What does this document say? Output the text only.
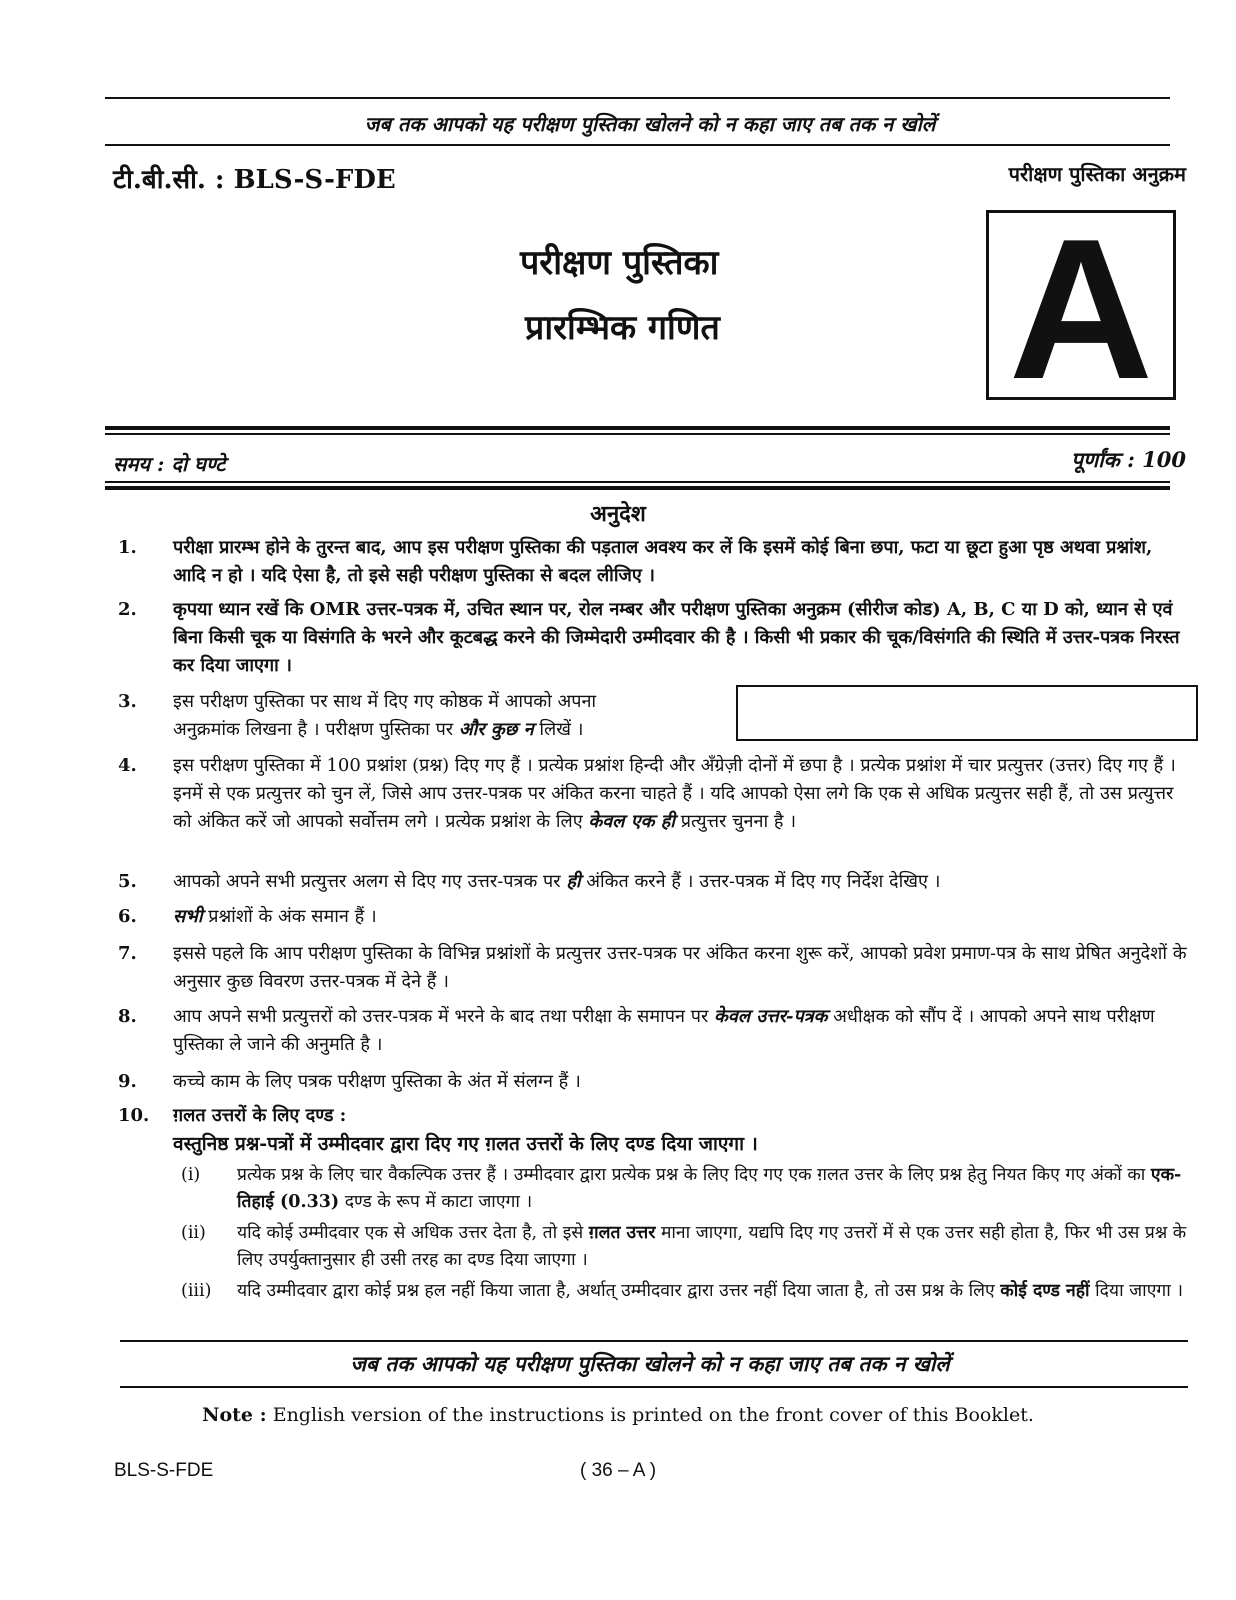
जब तक आपको यह परीक्षण पुस्तिका खोलने को न कहा जाए तब तक न खोलें
टी.बी.सी. : BLS-S-FDE	परीक्षण पुस्तिका अनुक्रम
परीक्षण पुस्तिका
प्रारम्भिक गणित A
समय : दो घण्टे	पूर्णांक : 100
अनुदेश
1. परीक्षा प्रारम्भ होने के तुरन्त बाद, आप इस परीक्षण पुस्तिका की पड़ताल अवश्य कर लें कि इसमें कोई बिना छपा, फटा या छूटा हुआ पृष्ठ अथवा प्रश्नांश, आदि न हो । यदि ऐसा है, तो इसे सही परीक्षण पुस्तिका से बदल लीजिए ।
2. कृपया ध्यान रखें कि OMR उत्तर-पत्रक में, उचित स्थान पर, रोल नम्बर और परीक्षण पुस्तिका अनुक्रम (सीरीज कोड) A, B, C या D को, ध्यान से एवं बिना किसी चूक या विसंगति के भरने और कूटबद्ध करने की जिम्मेदारी उम्मीदवार की है । किसी भी प्रकार की चूक/विसंगति की स्थिति में उत्तर-पत्रक निरस्त कर दिया जाएगा ।
3. इस परीक्षण पुस्तिका पर साथ में दिए गए कोष्ठक में आपको अपना
अनुक्रमांक लिखना है । परीक्षण पुस्तिका पर और कुछ न लिखें ।
4. इस परीक्षण पुस्तिका में 100 प्रश्नांश (प्रश्न) दिए गए हैं । प्रत्येक प्रश्नांश हिन्दी और अँग्रेज़ी दोनों में छपा है । प्रत्येक प्रश्नांश में चार प्रत्युत्तर (उत्तर) दिए गए हैं । इनमें से एक प्रत्युत्तर को चुन लें, जिसे आप उत्तर-पत्रक पर अंकित करना चाहते हैं । यदि आपको ऐसा लगे कि एक से अधिक प्रत्युत्तर सही हैं, तो उस प्रत्युत्तर को अंकित करें जो आपको सर्वोत्तम लगे । प्रत्येक प्रश्नांश के लिए केवल एक ही प्रत्युत्तर चुनना है ।
5. आपको अपने सभी प्रत्युत्तर अलग से दिए गए उत्तर-पत्रक पर ही अंकित करने हैं । उत्तर-पत्रक में दिए गए निर्देश देखिए ।
6. सभी प्रश्नांशों के अंक समान हैं ।
7. इससे पहले कि आप परीक्षण पुस्तिका के विभिन्न प्रश्नांशों के प्रत्युत्तर उत्तर-पत्रक पर अंकित करना शुरू करें, आपको प्रवेश प्रमाण-पत्र के साथ प्रेषित अनुदेशों के अनुसार कुछ विवरण उत्तर-पत्रक में देने हैं ।
8. आप अपने सभी प्रत्युत्तरों को उत्तर-पत्रक में भरने के बाद तथा परीक्षा के समापन पर केवल उत्तर-पत्रक अधीक्षक को सौंप दें । आपको अपने साथ परीक्षण पुस्तिका ले जाने की अनुमति है ।
9. कच्चे काम के लिए पत्रक परीक्षण पुस्तिका के अंत में संलग्न हैं ।
10. ग़लत उत्तरों के लिए दण्ड :
वस्तुनिष्ठ प्रश्न-पत्रों में उम्मीदवार द्वारा दिए गए ग़लत उत्तरों के लिए दण्ड दिया जाएगा ।
(i) प्रत्येक प्रश्न के लिए चार वैकल्पिक उत्तर हैं । उम्मीदवार द्वारा प्रत्येक प्रश्न के लिए दिए गए एक ग़लत उत्तर के लिए प्रश्न हेतु नियत किए गए अंकों का एक-तिहाई (0.33) दण्ड के रूप में काटा जाएगा ।
(ii) यदि कोई उम्मीदवार एक से अधिक उत्तर देता है, तो इसे ग़लत उत्तर माना जाएगा, यद्यपि दिए गए उत्तरों में से एक उत्तर सही होता है, फिर भी उस प्रश्न के लिए उपर्युक्तानुसार ही उसी तरह का दण्ड दिया जाएगा ।
(iii) यदि उम्मीदवार द्वारा कोई प्रश्न हल नहीं किया जाता है, अर्थात् उम्मीदवार द्वारा उत्तर नहीं दिया जाता है, तो उस प्रश्न के लिए कोई दण्ड नहीं दिया जाएगा ।
जब तक आपको यह परीक्षण पुस्तिका खोलने को न कहा जाए तब तक न खोलें
Note : English version of the instructions is printed on the front cover of this Booklet.
BLS-S-FDE	( 36 – A )
